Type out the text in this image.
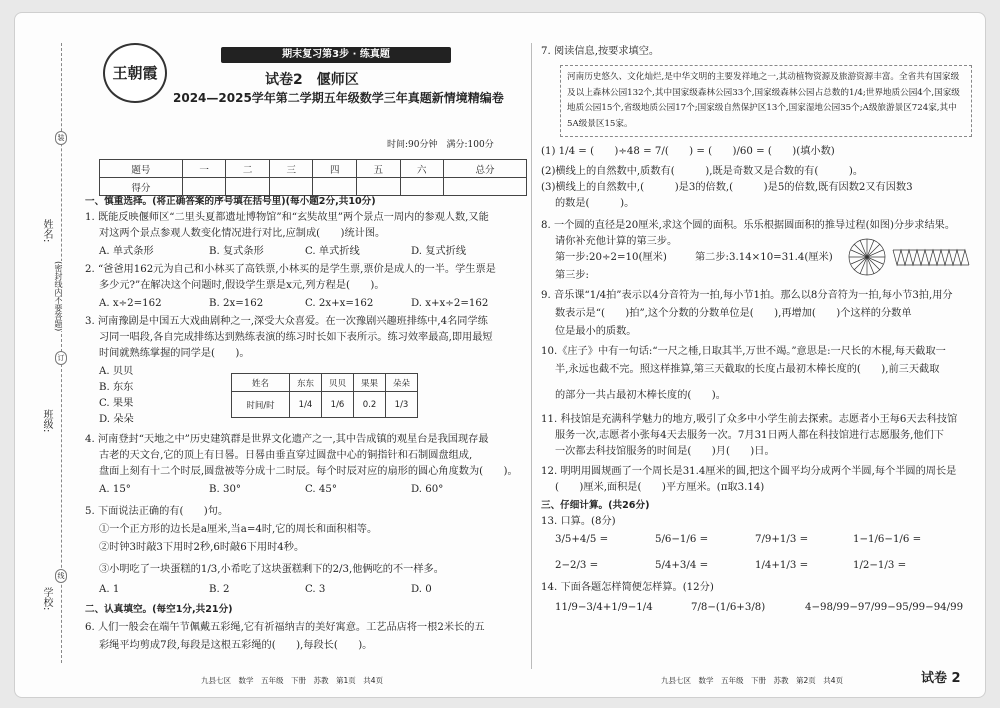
姓名:
班级:
学校:
(密封线内不要答题)
装
订
线
王朝霞
期末复习第3步 · 练真题
试卷2　偃师区
2024—2025学年第二学期五年级数学三年真题新情境精编卷
时间:90分钟　满分:100分
题号	一	二	三	四	五	六	总分
得分							
一、慎重选择。(将正确答案的序号填在括号里)(每小题2分,共10分)
1. 既能反映偃师区“二里头夏都遗址博物馆”和“玄奘故里”两个景点一周内的参观人数,又能
对这两个景点参观人数变化情况进行对比,应制成(　　)统计图。
A. 单式条形	B. 复式条形	C. 单式折线	D. 复式折线
2. “爸爸用162元为自己和小林买了高铁票,小林买的是学生票,票价是成人的一半。学生票是
多少元?”在解决这个问题时,假设学生票是x元,列方程是(　　)。
A. x÷2=162	B. 2x=162	C. 2x+x=162	D. x+x÷2=162
3. 河南豫剧是中国五大戏曲剧种之一,深受大众喜爱。在一次豫剧兴趣班排练中,4名同学练
习同一唱段,各自完成排练达到熟练表演的练习时长如下表所示。练习效率最高,即用最短
时间就熟练掌握的同学是(　　)。
A. 贝贝
B. 东东
C. 果果
D. 朵朵
姓名	东东	贝贝	果果	朵朵
时间/时	1/4	1/6	0.2	1/3
4. 河南登封“天地之中”历史建筑群是世界文化遗产之一,其中告成镇的观星台是我国现存最
古老的天文台,它的顶上有日晷。日晷由垂直穿过圆盘中心的铜指针和石制圆盘组成,
盘面上刻有十二个时辰,圆盘被等分成十二时辰。每个时辰对应的扇形的圆心角度数为(　　)。
A. 15°	B. 30°	C. 45°	D. 60°
5. 下面说法正确的有(　　)句。
①一个正方形的边长是a厘米,当a=4时,它的周长和面积相等。
②时钟3时敲3下用时2秒,6时敲6下用时4秒。
③小明吃了一块蛋糕的1/3,小希吃了这块蛋糕剩下的2/3,他俩吃的不一样多。
A. 1	B. 2	C. 3	D. 0
二、认真填空。(每空1分,共21分)
6. 人们一般会在端午节佩戴五彩绳,它有祈福纳吉的美好寓意。工艺品店将一根2米长的五
彩绳平均剪成7段,每段是这根五彩绳的(　　),每段长(　　)。
九县七区　数学　五年级　下册　苏教　第1页　共4页
7. 阅读信息,按要求填空。
河南历史悠久、文化灿烂,是中华文明的主要发祥地之一,其动植物资源及旅游资源丰富。全省共有国家级及以上森林公园132个,其中国家级森林公园33个,国家级森林公园占总数的1/4;世界地质公园4个,国家级地质公园15个,省级地质公园17个;国家级自然保护区13个,国家湿地公园35个;A级旅游景区724家,其中5A级景区15家。
(1) 1/4 = (　　)÷48 = 7/(　　) = (　　)/60 = (　　)(填小数)
(2)横线上的自然数中,质数有(　　　),既是奇数又是合数的有(　　　)。
(3)横线上的自然数中,(　　　)是3的倍数,(　　　)是5的倍数,既有因数2又有因数3
的数是(　　　)。
8. 一个圆的直径是20厘米,求这个圆的面积。乐乐根据圆面积的推导过程(如图)分步求结果。
请你补充他计算的第三步。
第一步:20÷2=10(厘米)	第二步:3.14×10=31.4(厘米)
第三步:
9. 音乐课“1/4拍”表示以4分音符为一拍,每小节1拍。那么以8分音符为一拍,每小节3拍,用分
数表示是“(　　)拍”,这个分数的分数单位是(　　),再增加(　　)个这样的分数单
位是最小的质数。
10.《庄子》中有一句话:“一尺之棰,日取其半,万世不竭。”意思是:一尺长的木棍,每天截取一
半,永远也截不完。照这样推算,第三天截取的长度占最初木棒长度的(　　),前三天截取
的部分一共占最初木棒长度的(　　)。
11. 科技馆是充满科学魅力的地方,吸引了众多中小学生前去探索。志愿者小王每6天去科技馆
服务一次,志愿者小张每4天去服务一次。7月31日两人都在科技馆进行志愿服务,他们下
一次都去科技馆服务的时间是(　　)月(　　)日。
12. 明明用圆规画了一个周长是31.4厘米的圆,把这个圆平均分成两个半圆,每个半圆的周长是
(　　)厘米,面积是(　　)平方厘米。(π取3.14)
三、仔细计算。(共26分)
13. 口算。(8分)
3/5+4/5 =	5/6−1/6 =	7/9+1/3 =	1−1/6−1/6 =
2−2/3 =	5/4+3/4 =	1/4+1/3 =	1/2−1/3 =
14. 下面各题怎样简便怎样算。(12分)
11/9−3/4+1/9−1/4	7/8−(1/6+3/8)	4−98/99−97/99−95/99−94/99
九县七区　数学　五年级　下册　苏教　第2页　共4页	试卷 2
